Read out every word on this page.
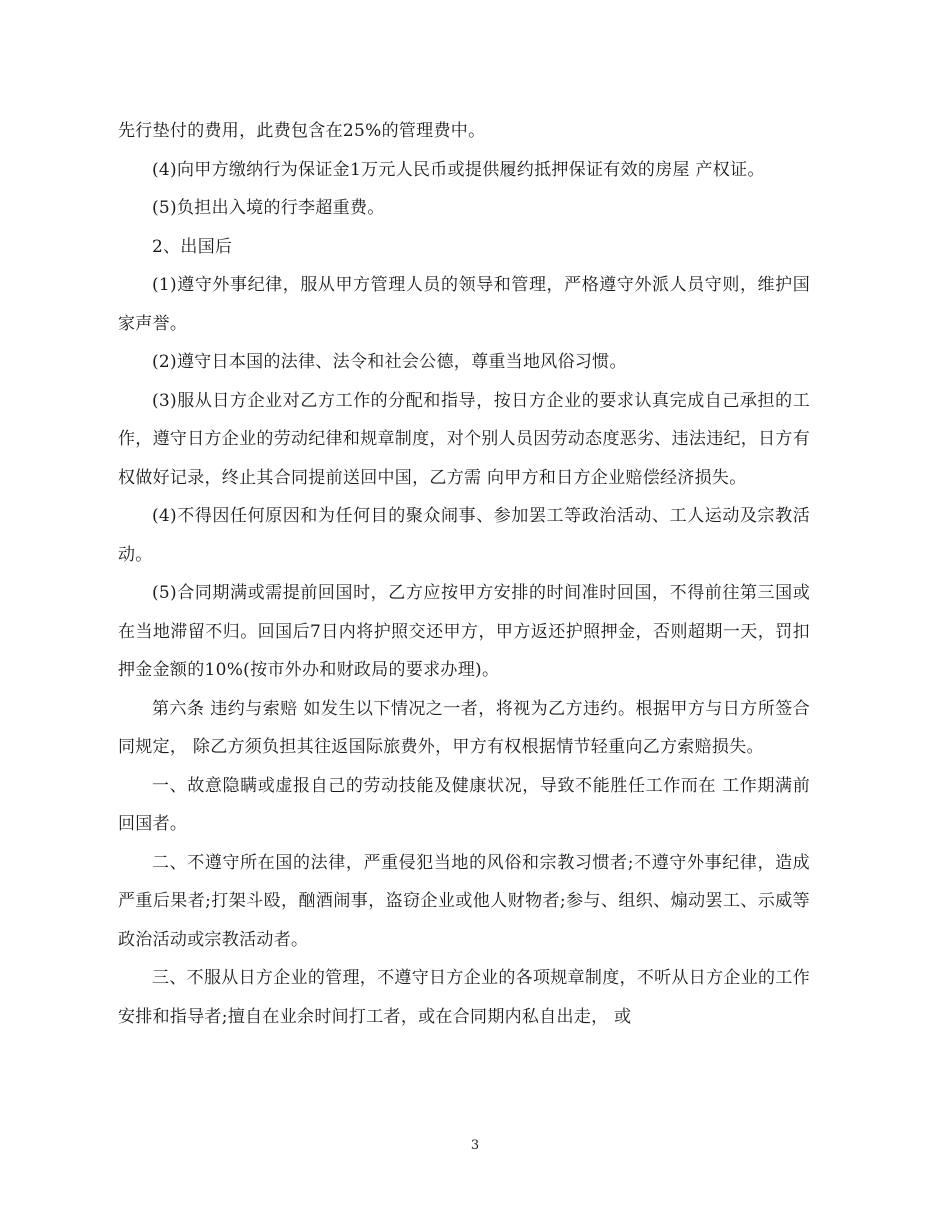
先行垫付的费用，此费包含在25%的管理费中。

(4)向甲方缴纳行为保证金1万元人民币或提供履约抵押保证有效的房屋 产权证。

(5)负担出入境的行李超重费。

2、出国后

(1)遵守外事纪律，服从甲方管理人员的领导和管理，严格遵守外派人员守则，维护国家声誉。

(2)遵守日本国的法律、法令和社会公德，尊重当地风俗习惯。

(3)服从日方企业对乙方工作的分配和指导，按日方企业的要求认真完成自己承担的工作，遵守日方企业的劳动纪律和规章制度，对个别人员因劳动态度恶劣、违法违纪，日方有权做好记录，终止其合同提前送回中国，乙方需 向甲方和日方企业赔偿经济损失。

(4)不得因任何原因和为任何目的聚众闹事、参加罢工等政治活动、工人运动及宗教活动。

(5)合同期满或需提前回国时，乙方应按甲方安排的时间准时回国，不得前往第三国或在当地滞留不归。回国后7日内将护照交还甲方，甲方返还护照押金，否则超期一天，罚扣押金金额的10%(按市外办和财政局的要求办理)。

第六条 违约与索赔 如发生以下情况之一者，将视为乙方违约。根据甲方与日方所签合同规定， 除乙方须负担其往返国际旅费外，甲方有权根据情节轻重向乙方索赔损失。

一、故意隐瞒或虚报自己的劳动技能及健康状况，导致不能胜任工作而在 工作期满前回国者。

二、不遵守所在国的法律，严重侵犯当地的风俗和宗教习惯者;不遵守外事纪律，造成严重后果者;打架斗殴，酗酒闹事，盗窃企业或他人财物者;参与、组织、煽动罢工、示威等政治活动或宗教活动者。

三、不服从日方企业的管理，不遵守日方企业的各项规章制度，不听从日方企业的工作安排和指导者;擅自在业余时间打工者，或在合同期内私自出走， 或

3
